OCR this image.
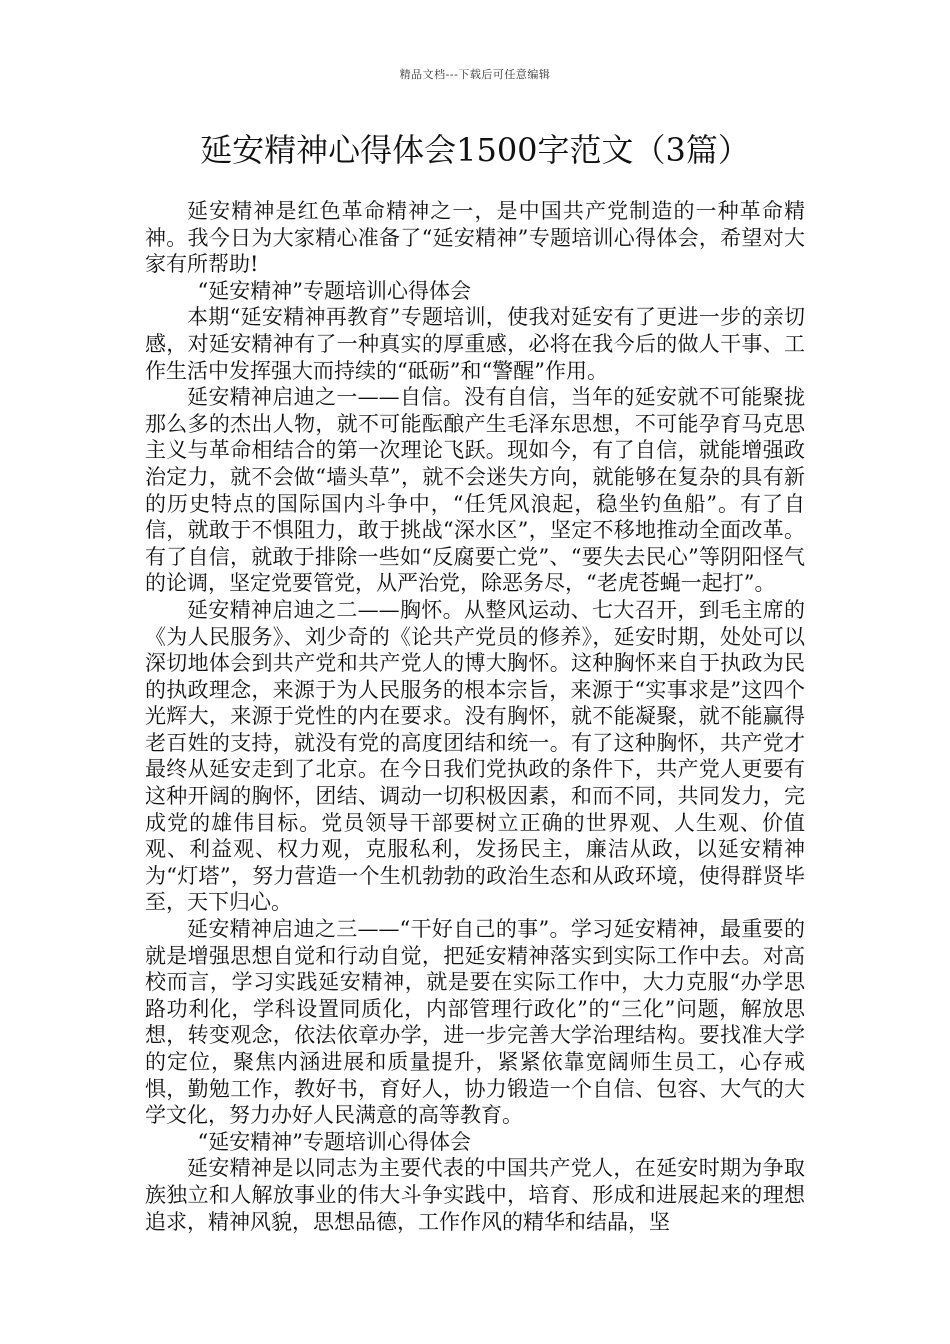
精品文档---下载后可任意编辑
延安精神心得体会1500字范文（3篇）

延安精神是红色革命精神之一，是中国共产党制造的一种革命精神。我今日为大家精心准备了“延安精神”专题培训心得体会，希望对大家有所帮助!

“延安精神”专题培训心得体会

本期“延安精神再教育”专题培训，使我对延安有了更进一步的亲切感，对延安精神有了一种真实的厚重感，必将在我今后的做人干事、工作生活中发挥强大而持续的“砥砺”和“警醒”作用。

延安精神启迪之一——自信。没有自信，当年的延安就不可能聚拢那么多的杰出人物，就不可能酝酿产生毛泽东思想，不可能孕育马克思主义与革命相结合的第一次理论飞跃。现如今，有了自信，就能增强政治定力，就不会做“墙头草”，就不会迷失方向，就能够在复杂的具有新的历史特点的国际国内斗争中，“任凭风浪起，稳坐钓鱼船”。有了自信，就敢于不惧阻力，敢于挑战“深水区”，坚定不移地推动全面改革。有了自信，就敢于排除一些如“反腐要亡党”、“要失去民心”等阴阳怪气的论调，坚定党要管党，从严治党，除恶务尽，“老虎苍蝇一起打”。

延安精神启迪之二——胸怀。从整风运动、七大召开，到毛主席的《为人民服务》、刘少奇的《论共产党员的修养》，延安时期，处处可以深切地体会到共产党和共产党人的博大胸怀。这种胸怀来自于执政为民的执政理念，来源于为人民服务的根本宗旨，来源于“实事求是”这四个光辉大，来源于党性的内在要求。没有胸怀，就不能凝聚，就不能赢得老百姓的支持，就没有党的高度团结和统一。有了这种胸怀，共产党才最终从延安走到了北京。在今日我们党执政的条件下，共产党人更要有这种开阔的胸怀，团结、调动一切积极因素，和而不同，共同发力，完成党的雄伟目标。党员领导干部要树立正确的世界观、人生观、价值观、利益观、权力观，克服私利，发扬民主，廉洁从政，以延安精神为“灯塔”，努力营造一个生机勃勃的政治生态和从政环境，使得群贤毕至，天下归心。

延安精神启迪之三——“干好自己的事”。学习延安精神，最重要的就是增强思想自觉和行动自觉，把延安精神落实到实际工作中去。对高校而言，学习实践延安精神，就是要在实际工作中，大力克服“办学思路功利化，学科设置同质化，内部管理行政化”的“三化”问题，解放思想，转变观念，依法依章办学，进一步完善大学治理结构。要找准大学的定位，聚焦内涵进展和质量提升，紧紧依靠宽阔师生员工，心存戒惧，勤勉工作，教好书，育好人，协力锻造一个自信、包容、大气的大学文化，努力办好人民满意的高等教育。

“延安精神”专题培训心得体会

延安精神是以同志为主要代表的中国共产党人，在延安时期为争取族独立和人解放事业的伟大斗争实践中，培育、形成和进展起来的理想追求，精神风貌，思想品德，工作作风的精华和结晶，坚
